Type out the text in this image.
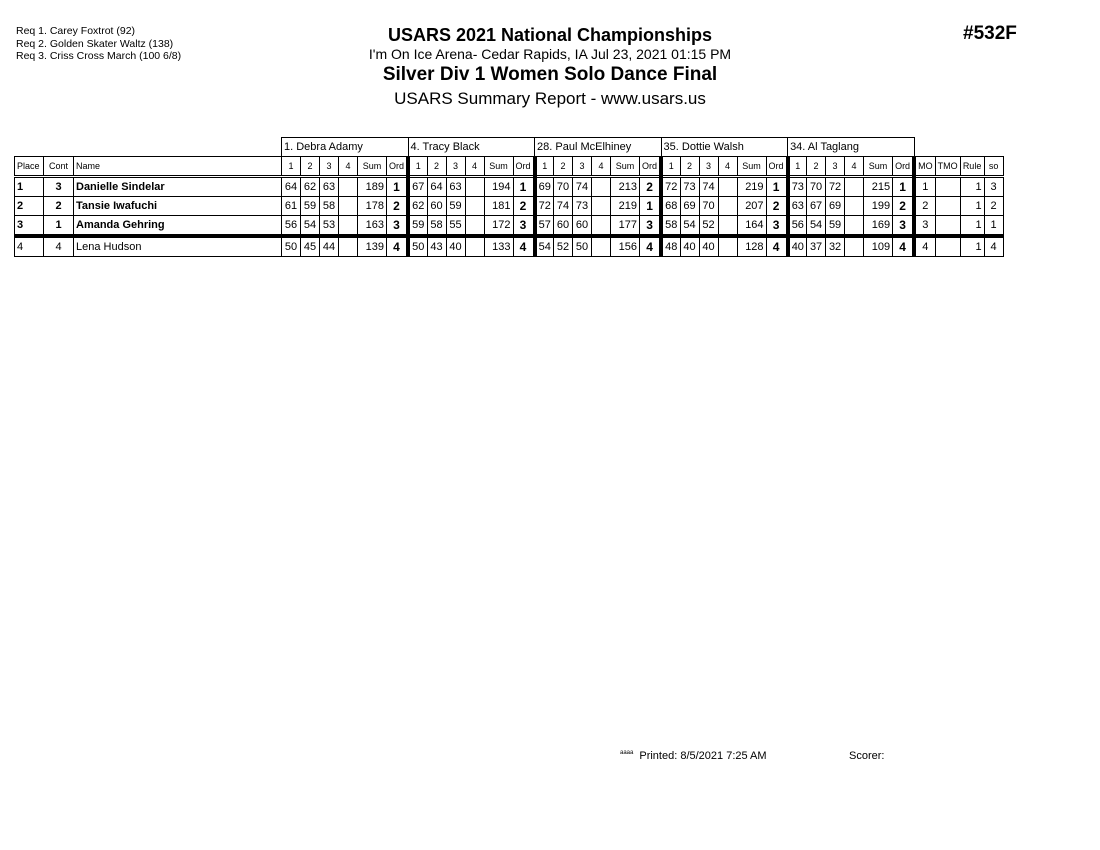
Req 1. Carey Foxtrot (92)
Req 2. Golden Skater Waltz (138)
Req 3. Criss Cross March (100 6/8)
USARS 2021 National Championships
I'm On Ice Arena- Cedar Rapids, IA Jul 23, 2021 01:15 PM
Silver Div 1 Women Solo Dance Final
USARS Summary Report - www.usars.us
#532F
			1. Debra Adamy						4. Tracy Black						28. Paul McElhiney						35. Dottie Walsh						34. Al Taglang									
Place	Cont	Name	1	2	3	4	Sum	Ord	1	2	3	4	Sum	Ord	1	2	3	4	Sum	Ord	1	2	3	4	Sum	Ord	1	2	3	4	Sum	Ord	MO	TMO	Rule	so
1	3	Danielle Sindelar	64	62	63		189	1	67	64	63		194	1	69	70	74		213	2	72	73	74		219	1	73	70	72		215	1	1		1	3
2	2	Tansie Iwafuchi	61	59	58		178	2	62	60	59		181	2	72	74	73		219	1	68	69	70		207	2	63	67	69		199	2	2		1	2
3	1	Amanda Gehring	56	54	53		163	3	59	58	55		172	3	57	60	60		177	3	58	54	52		164	3	56	54	59		169	3	3		1	1
4	4	Lena Hudson	50	45	44		139	4	50	43	40		133	4	54	52	50		156	4	48	40	40		128	4	40	37	32		109	4	4		1	4
$^{aaaa}$ Printed: 8/5/2021 7:25 AM	Scorer:
